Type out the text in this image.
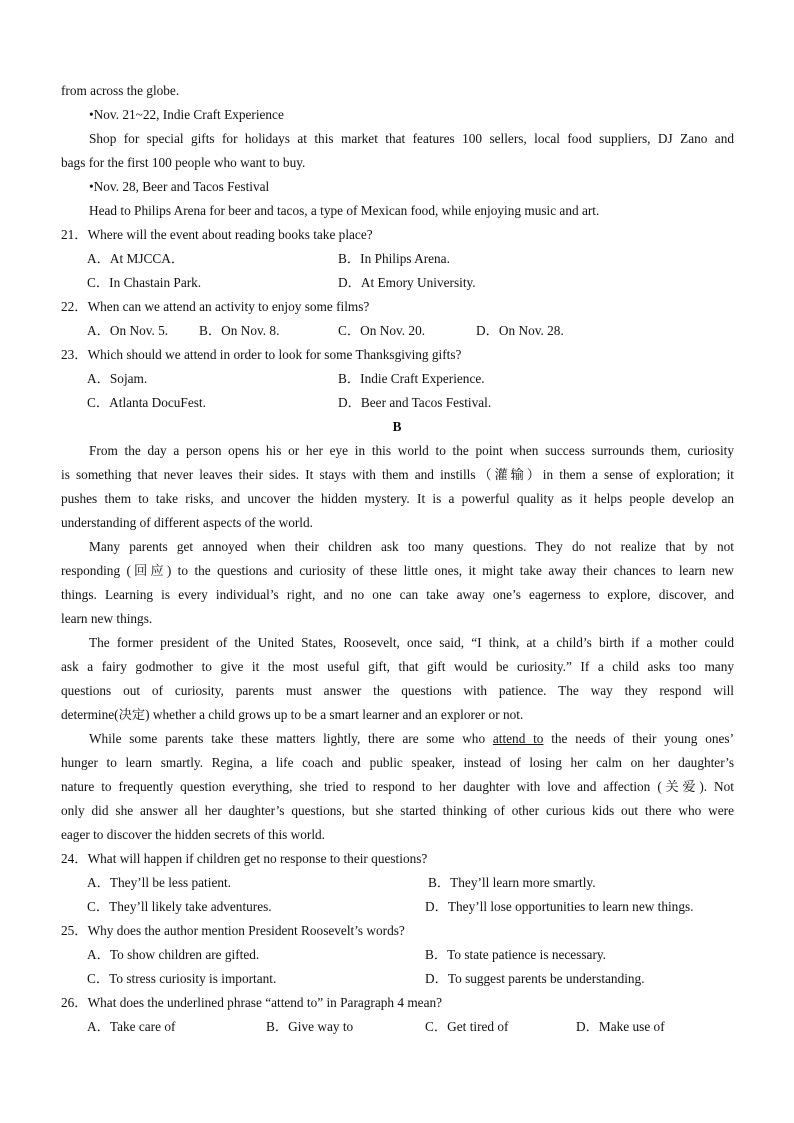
from across the globe.
•Nov. 21~22, Indie Craft Experience
Shop for special gifts for holidays at this market that features 100 sellers, local food suppliers, DJ Zano and
bags for the first 100 people who want to buy.
•Nov. 28, Beer and Tacos Festival
Head to Philips Arena for beer and tacos, a type of Mexican food, while enjoying music and art.
21．Where will the event about reading books take place?
A．At MJCCA．	B．In Philips Arena.
C．In Chastain Park.	D．At Emory University.
22．When can we attend an activity to enjoy some films?
A．On Nov. 5. B．On Nov. 8.	C．On Nov. 20.	D．On Nov. 28.
23．Which should we attend in order to look for some Thanksgiving gifts?
A．Sojam.	B．Indie Craft Experience.
C．Atlanta DocuFest.	D．Beer and Tacos Festival.
B
From the day a person opens his or her eye in this world to the point when success surrounds them, curiosity
is something that never leaves their sides. It stays with them and instills（灌输）in them a sense of exploration; it
pushes them to take risks, and uncover the hidden mystery. It is a powerful quality as it helps people develop an
understanding of different aspects of the world.
Many parents get annoyed when their children ask too many questions. They do not realize that by not
responding (回应) to the questions and curiosity of these little ones, it might take away their chances to learn new
things. Learning is every individual’s right, and no one can take away one’s eagerness to explore, discover, and
learn new things.
The former president of the United States, Roosevelt, once said, “I think, at a child’s birth if a mother could
ask a fairy godmother to give it the most useful gift, that gift would be curiosity.” If a child asks too many
questions out of curiosity, parents must answer the questions with patience. The way they respond will
determine(决定) whether a child grows up to be a smart learner and an explorer or not.
While some parents take these matters lightly, there are some who attend to the needs of their young ones’
hunger to learn smartly. Regina, a life coach and public speaker, instead of losing her calm on her daughter’s
nature to frequently question everything, she tried to respond to her daughter with love and affection (关爱). Not
only did she answer all her daughter’s questions, but she started thinking of other curious kids out there who were
eager to discover the hidden secrets of this world.
24．What will happen if children get no response to their questions?
A．They’ll be less patient.	B．They’ll learn more smartly.
C．They’ll likely take adventures.	D．They’ll lose opportunities to learn new things.
25．Why does the author mention President Roosevelt’s words?
A．To show children are gifted.	B．To state patience is necessary.
C．To stress curiosity is important.	D．To suggest parents be understanding.
26．What does the underlined phrase “attend to” in Paragraph 4 mean?
A．Take care of	B．Give way to	C．Get tired of	D．Make use of
